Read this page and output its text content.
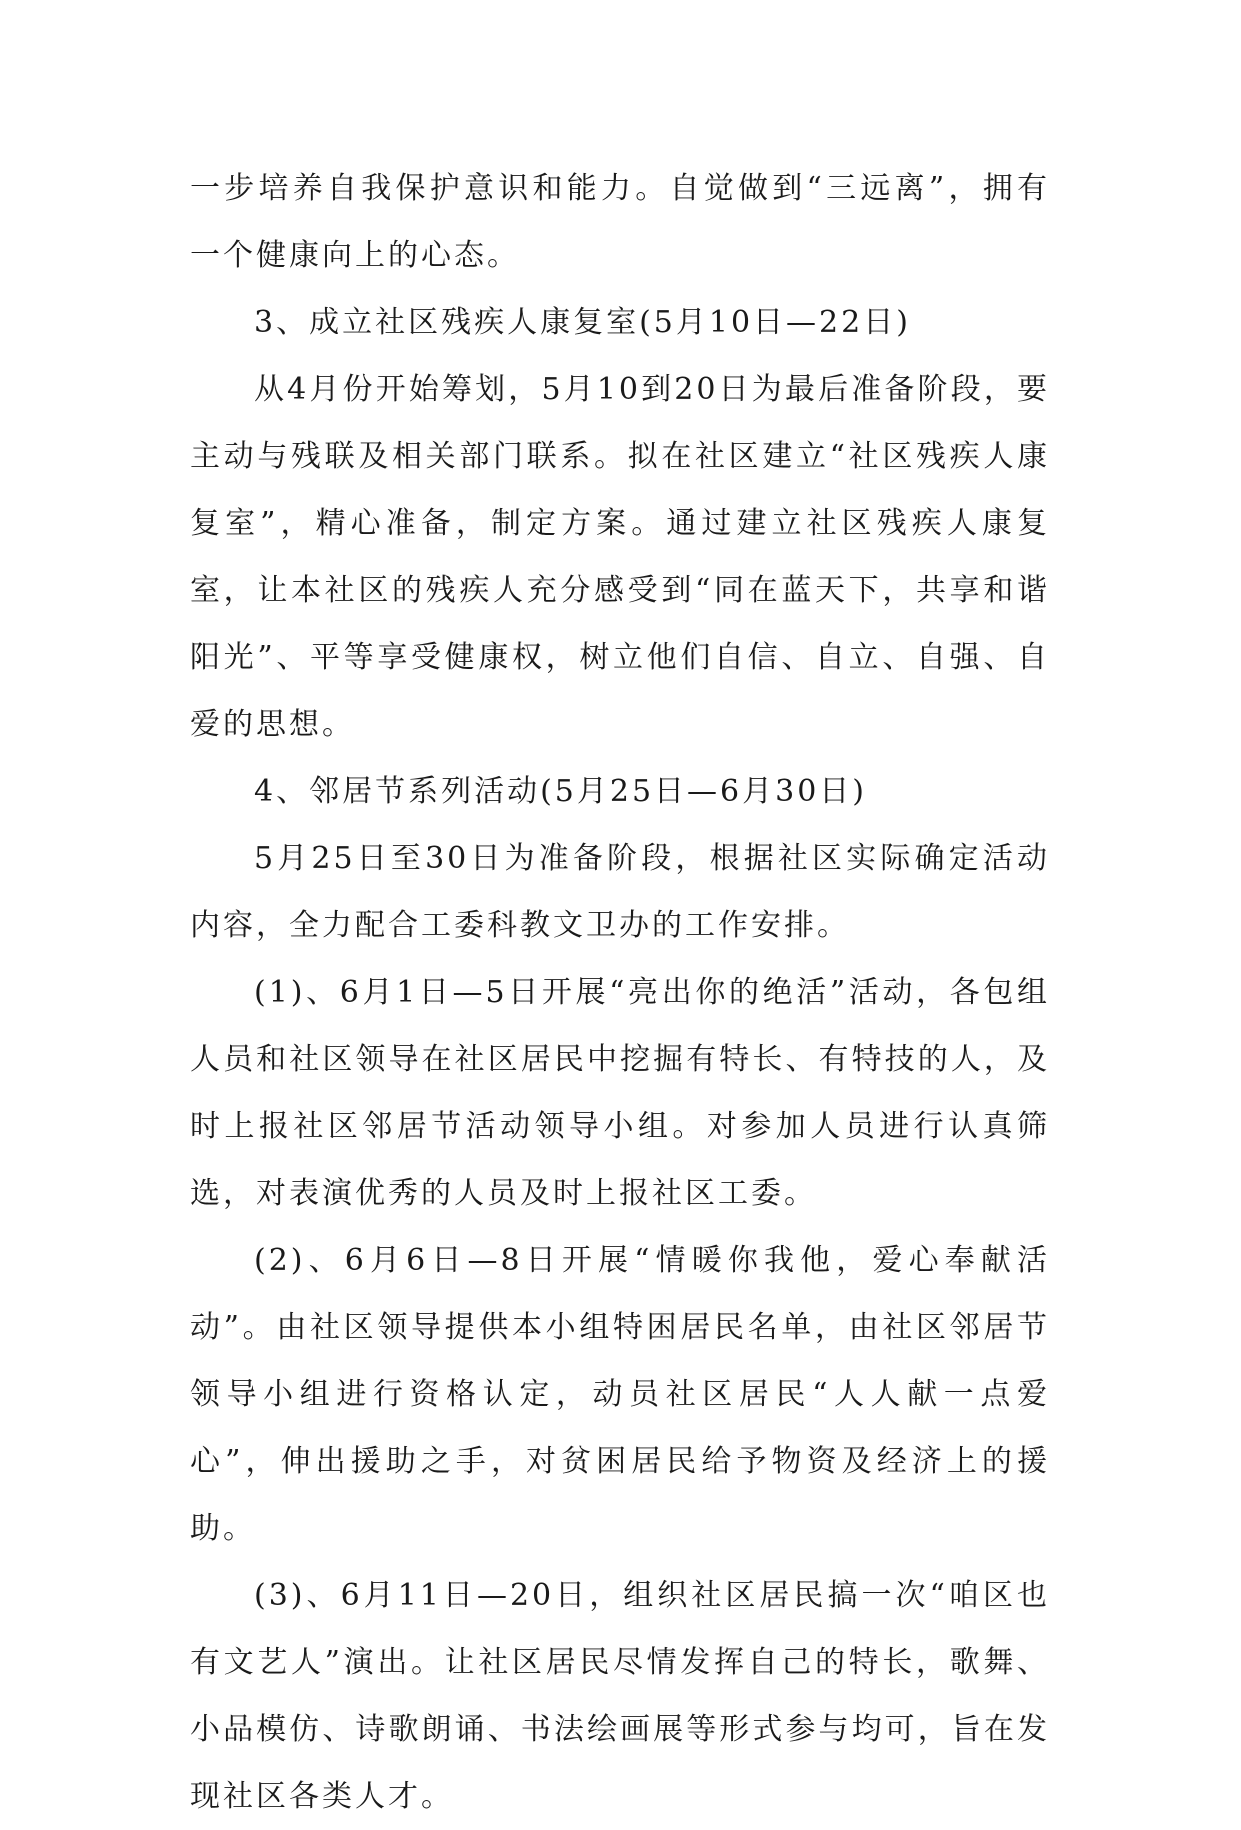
一步培养自我保护意识和能力。自觉做到“三远离”，拥有一个健康向上的心态。

3、成立社区残疾人康复室(5月10日—22日)

从4月份开始筹划，5月10到20日为最后准备阶段，要主动与残联及相关部门联系。拟在社区建立“社区残疾人康复室”，精心准备，制定方案。通过建立社区残疾人康复室，让本社区的残疾人充分感受到“同在蓝天下，共享和谐阳光”、平等享受健康权，树立他们自信、自立、自强、自爱的思想。

4、邻居节系列活动(5月25日—6月30日)

5月25日至30日为准备阶段，根据社区实际确定活动内容，全力配合工委科教文卫办的工作安排。

(1)、6月1日—5日开展“亮出你的绝活”活动，各包组人员和社区领导在社区居民中挖掘有特长、有特技的人，及时上报社区邻居节活动领导小组。对参加人员进行认真筛选，对表演优秀的人员及时上报社区工委。

(2)、6月6日—8日开展“情暖你我他，爱心奉献活动”。由社区领导提供本小组特困居民名单，由社区邻居节领导小组进行资格认定，动员社区居民“人人献一点爱心”，伸出援助之手，对贫困居民给予物资及经济上的援助。

(3)、6月11日—20日，组织社区居民搞一次“咱区也有文艺人”演出。让社区居民尽情发挥自己的特长，歌舞、小品模仿、诗歌朗诵、书法绘画展等形式参与均可，旨在发现社区各类人才。
